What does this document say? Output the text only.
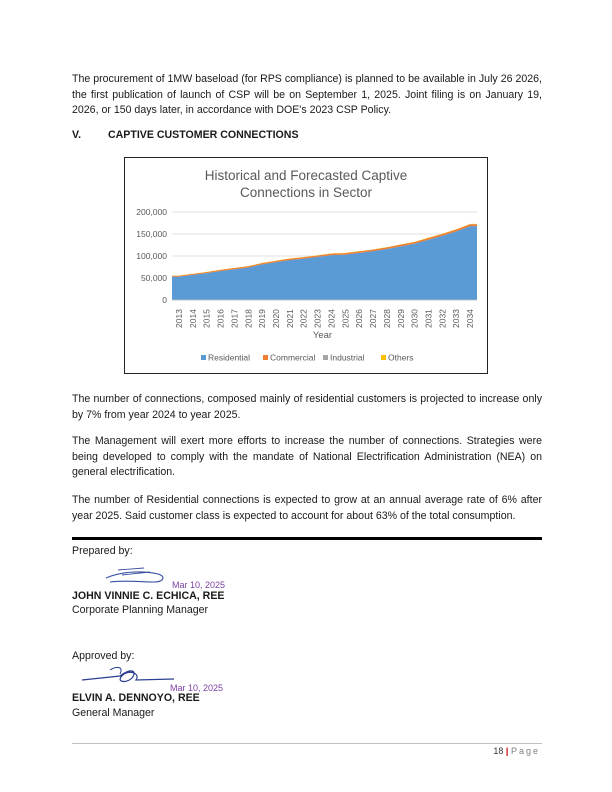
The procurement of 1MW baseload (for RPS compliance) is planned to be available in July 26 2026, the first publication of launch of CSP will be on September 1, 2025. Joint filing is on January 19, 2026, or 150 days later, in accordance with DOE's 2023 CSP Policy.
V.	CAPTIVE CUSTOMER CONNECTIONS
Historical and Forecasted Captive
Connections in Sector
200,000
150,000
100,000
50,000
0
2013 2014 2015 2016 2017 2018 2019 2020 2021 2022 2023 2024 2025 2026 2027 2028 2029 2030 2031 2032 2033 2034
Year
Residential Commercial Industrial	Others
The number of connections, composed mainly of residential customers is projected to increase only by 7% from year 2024 to year 2025.
The Management will exert more efforts to increase the number of connections. Strategies were being developed to comply with the mandate of National Electrification Administration (NEA) on general electrification.
The number of Residential connections is expected to grow at an annual average rate of 6% after year 2025. Said customer class is expected to account for about 63% of the total consumption.
Prepared by:
Mar 10, 2025
JOHN VINNIE C. ECHICA, REE
Corporate Planning Manager
Approved by:
Mar 10, 2025
ELVIN A. DENNOYO, REE
General Manager
18 | Page
